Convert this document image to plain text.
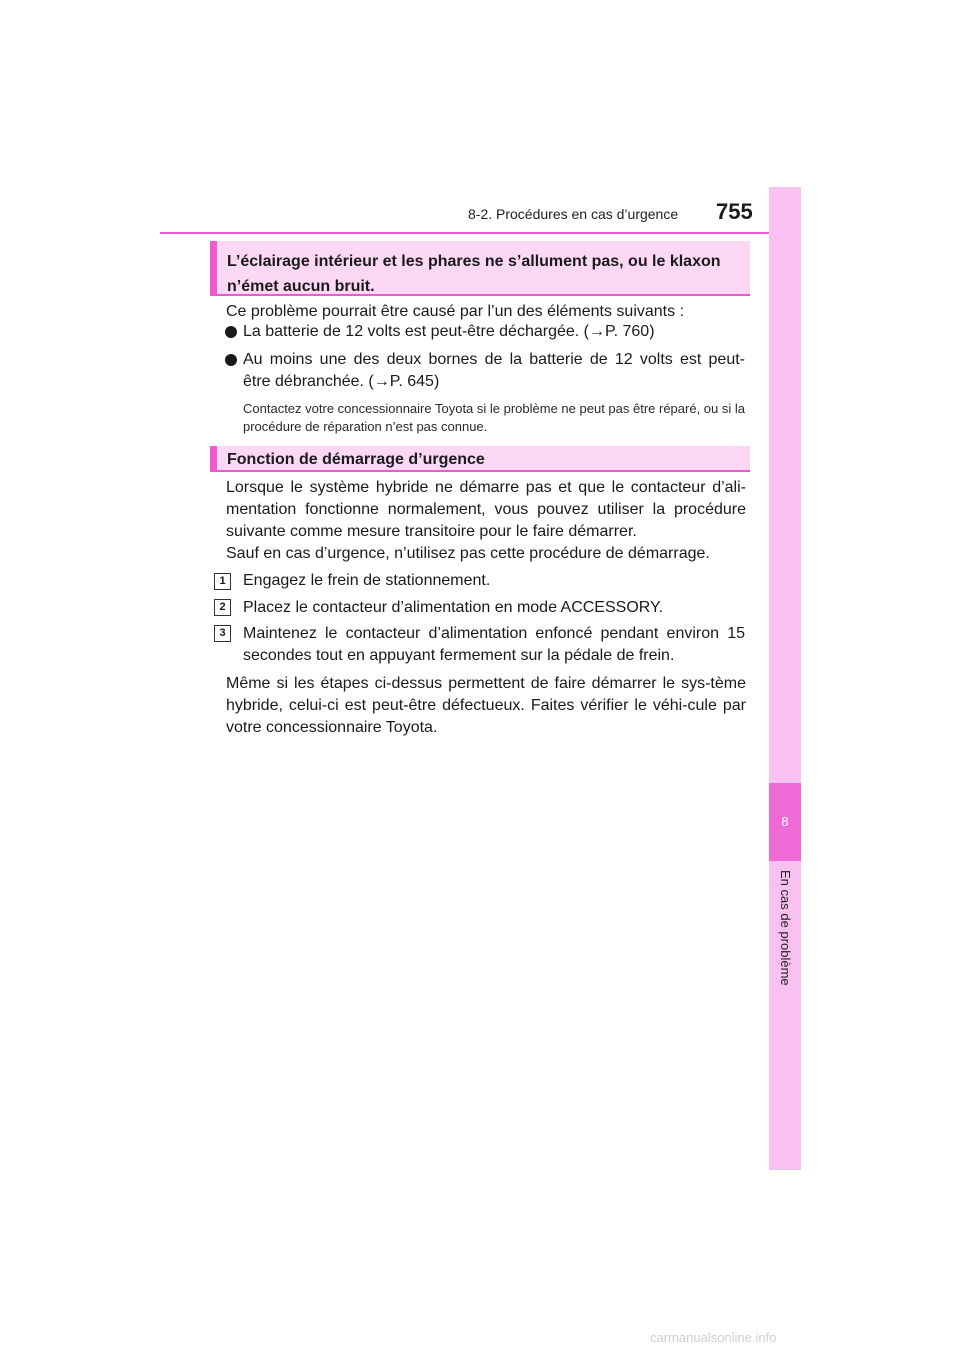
8-2. Procédures en cas d’urgence 755
8
En cas de problème
L’éclairage intérieur et les phares ne s’allument pas, ou le klaxon
n’émet aucun bruit.
Ce problème pourrait être causé par l’un des éléments suivants :
La batterie de 12 volts est peut-être déchargée. (→P. 760)
Au moins une des deux bornes de la batterie de 12 volts est peut-
être débranchée. (→P. 645)
Contactez votre concessionnaire Toyota si le problème ne peut pas être réparé, ou si la procédure de réparation n’est pas connue.
Fonction de démarrage d’urgence
Lorsque le système hybride ne démarre pas et que le contacteur d’ali-mentation fonctionne normalement, vous pouvez utiliser la procédure suivante comme mesure transitoire pour le faire démarrer.
Sauf en cas d’urgence, n’utilisez pas cette procédure de démarrage.
1	Engagez le frein de stationnement.
2	Placez le contacteur d’alimentation en mode ACCESSORY.
3	Maintenez le contacteur d’alimentation enfoncé pendant environ 15 secondes tout en appuyant fermement sur la pédale de frein.
Même si les étapes ci-dessus permettent de faire démarrer le sys-tème hybride, celui-ci est peut-être défectueux. Faites vérifier le véhi-cule par votre concessionnaire Toyota.
carmanualsonline.info
